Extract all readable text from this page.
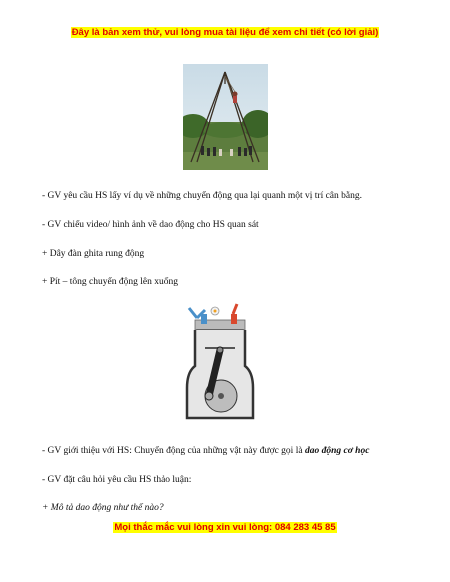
Đây là bản xem thử, vui lòng mua tài liệu để xem chi tiết (có lời giải)
- GV yêu cầu HS lấy ví dụ về những chuyển động qua lại quanh một vị trí cân bằng.
- GV chiếu video/ hình ảnh về dao động cho HS quan sát
+ Dây đàn ghita rung động
+ Pít – tông chuyển động lên xuống
- GV giới thiệu với HS: Chuyển động của những vật này được gọi là dao động cơ học
- GV đặt câu hỏi yêu cầu HS thảo luận:
+ Mô tả dao động như thế nào?
Mọi thắc mắc vui lòng xin vui lòng: 084 283 45 85
